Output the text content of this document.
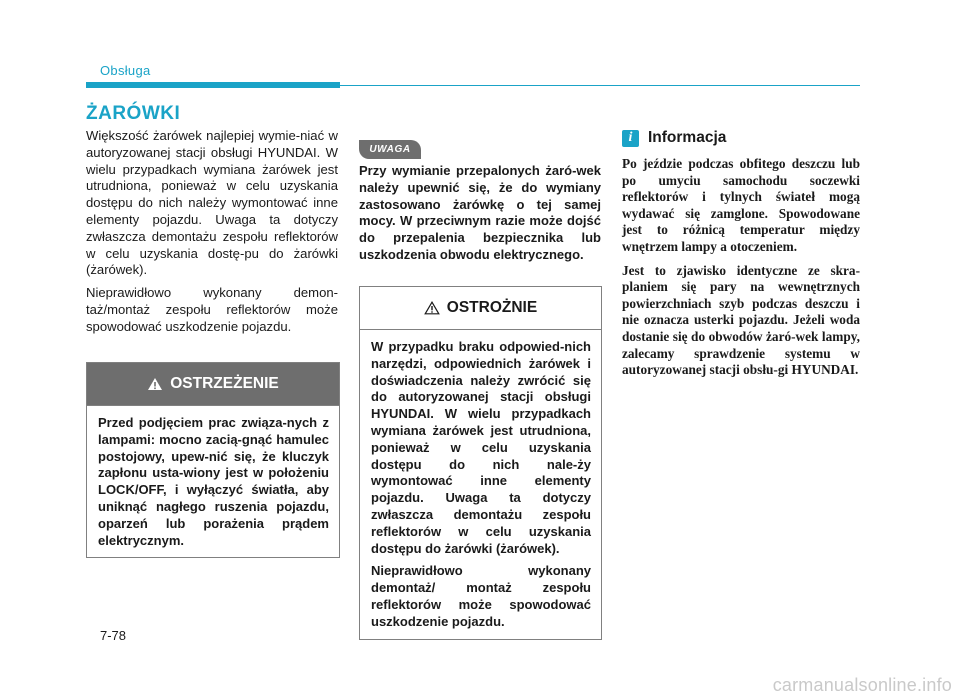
Obsługa
ŻARÓWKI

Większość żarówek najlepiej wymie-niać w autoryzowanej stacji obsługi HYUNDAI. W wielu przypadkach wymiana żarówek jest utrudniona, ponieważ w celu uzyskania dostępu do nich należy wymontować inne elementy pojazdu. Uwaga ta dotyczy zwłaszcza demontażu zespołu reflektorów w celu uzyskania dostę-pu do żarówki (żarówek).

Nieprawidłowo wykonany demon-taż/montaż zespołu reflektorów może spowodować uszkodzenie pojazdu.

OSTRZEŻENIE

Przed podjęciem prac związa-nych z lampami: mocno zacią-gnąć hamulec postojowy, upew-nić się, że kluczyk zapłonu usta-wiony jest w położeniu LOCK/OFF, i wyłączyć światła, aby uniknąć nagłego ruszenia pojazdu, oparzeń lub porażenia prądem elektrycznym.

UWAGA

Przy wymianie przepalonych żaró-wek należy upewnić się, że do wymiany zastosowano żarówkę o tej samej mocy. W przeciwnym razie może dojść do przepalenia bezpiecznika lub uszkodzenia obwodu elektrycznego.

OSTROŻNIE

W przypadku braku odpowied-nich narzędzi, odpowiednich żarówek i doświadczenia należy zwrócić się do autoryzowanej stacji obsługi HYUNDAI. W wielu przypadkach wymiana żarówek jest utrudniona, ponieważ w celu uzyskania dostępu do nich nale-ży wymontować inne elementy pojazdu. Uwaga ta dotyczy zwłaszcza demontażu zespołu reflektorów w celu uzyskania dostępu do żarówki (żarówek).

Nieprawidłowo wykonany demontaż/ montaż zespołu reflektorów może spowodować uszkodzenie pojazdu.

i	Informacja

Po jeździe podczas obfitego deszczu lub po umyciu samochodu soczewki reflektorów i tylnych świateł mogą wydawać się zamglone. Spowodowane jest to różnicą temperatur między wnętrzem lampy a otoczeniem.

Jest to zjawisko identyczne ze skra-planiem się pary na wewnętrznych powierzchniach szyb podczas deszczu i nie oznacza usterki pojazdu. Jeżeli woda dostanie się do obwodów żaró-wek lampy, zalecamy sprawdzenie systemu w autoryzowanej stacji obsłu-gi HYUNDAI.

7-78
carmanualsonline.info
